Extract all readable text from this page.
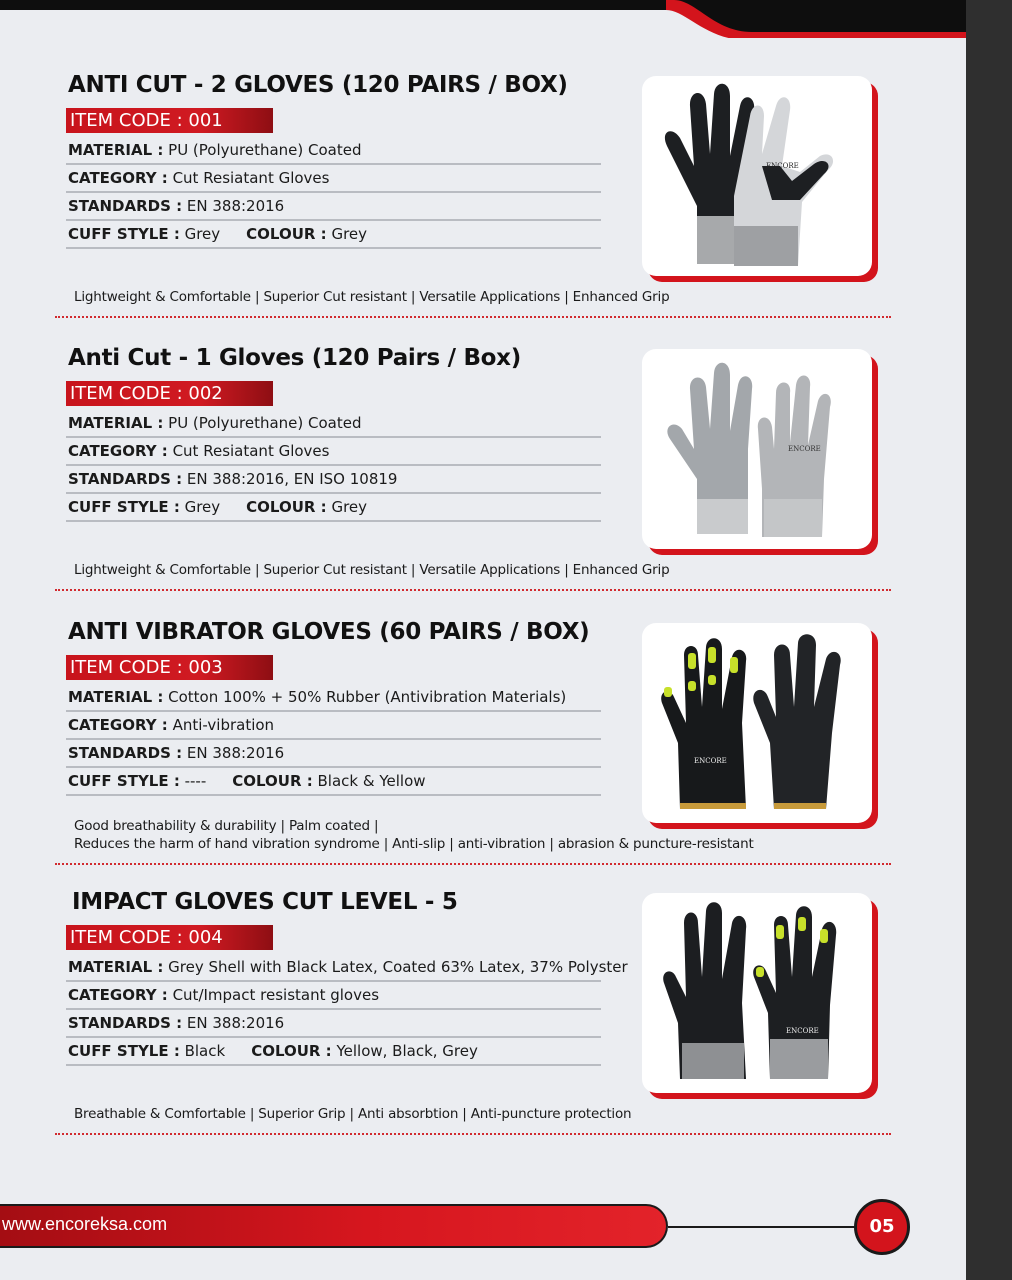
ANTI CUT - 2 GLOVES (120 PAIRS / BOX)
ITEM CODE : 001
MATERIAL : PU (Polyurethane) Coated
CATEGORY : Cut Resiatant Gloves
STANDARDS : EN 388:2016
CUFF STYLE : Grey COLOUR : Grey
Lightweight & Comfortable | Superior Cut resistant | Versatile Applications | Enhanced Grip
ENCORE
Anti Cut - 1 Gloves (120 Pairs / Box)
ITEM CODE : 002
MATERIAL : PU (Polyurethane) Coated
CATEGORY : Cut Resiatant Gloves
STANDARDS : EN 388:2016, EN ISO 10819
CUFF STYLE : Grey COLOUR : Grey
Lightweight & Comfortable | Superior Cut resistant | Versatile Applications | Enhanced Grip
ENCORE
ANTI VIBRATOR GLOVES (60 PAIRS / BOX)
ITEM CODE : 003
MATERIAL : Cotton 100% + 50% Rubber (Antivibration Materials)
CATEGORY : Anti-vibration
STANDARDS : EN 388:2016
CUFF STYLE : ---- COLOUR : Black & Yellow
Good breathability & durability | Palm coated |
Reduces the harm of hand vibration syndrome | Anti-slip | anti-vibration | abrasion & puncture-resistant
ENCORE
IMPACT GLOVES CUT LEVEL - 5
ITEM CODE : 004
MATERIAL : Grey Shell with Black Latex, Coated 63% Latex, 37% Polyster
CATEGORY : Cut/Impact resistant gloves
STANDARDS : EN 388:2016
CUFF STYLE : Black COLOUR : Yellow, Black, Grey
Breathable & Comfortable | Superior Grip | Anti absorbtion | Anti-puncture protection
ENCORE
www.encoreksa.com	05
